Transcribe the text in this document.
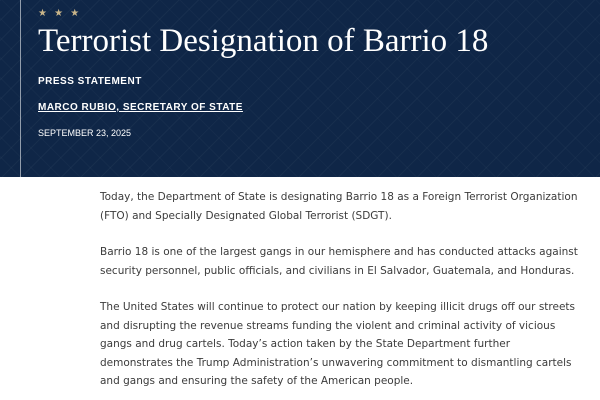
★ ★ ★
Terrorist Designation of Barrio 18
PRESS STATEMENT
MARCO RUBIO, SECRETARY OF STATE
SEPTEMBER 23, 2025

Today, the Department of State is designating Barrio 18 as a Foreign Terrorist Organization (FTO) and Specially Designated Global Terrorist (SDGT).

Barrio 18 is one of the largest gangs in our hemisphere and has conducted attacks against security personnel, public officials, and civilians in El Salvador, Guatemala, and Honduras.

The United States will continue to protect our nation by keeping illicit drugs off our streets and disrupting the revenue streams funding the violent and criminal activity of vicious gangs and drug cartels. Today’s action taken by the State Department further demonstrates the Trump Administration’s unwavering commitment to dismantling cartels and gangs and ensuring the safety of the American people.
